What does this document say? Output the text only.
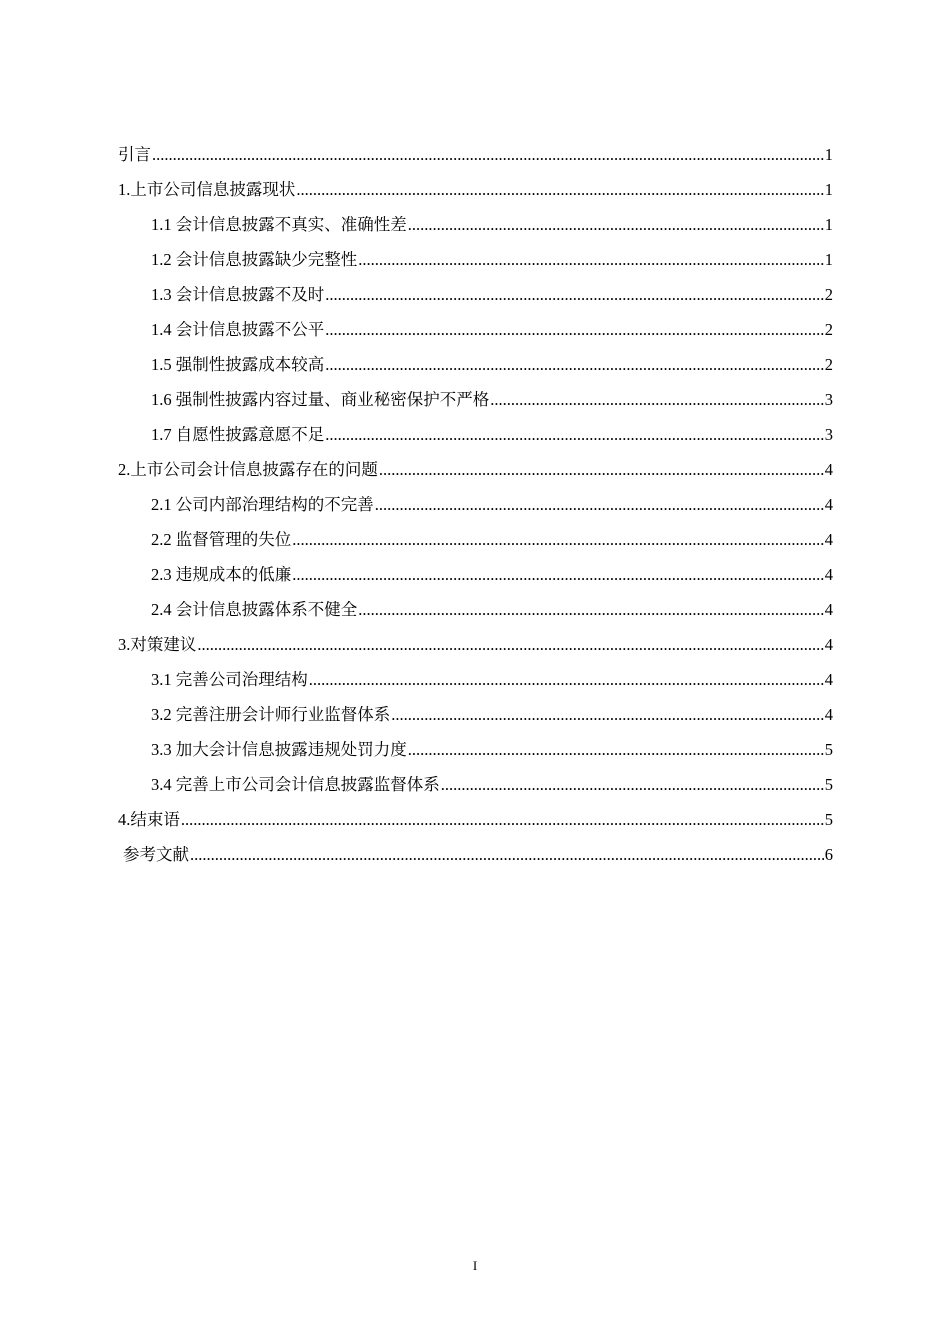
引言 .....	1
1.上市公司信息披露现状 .....	1
1.1 会计信息披露不真实、准确性差 .....	1
1.2 会计信息披露缺少完整性 .....	1
1.3 会计信息披露不及时 .....	2
1.4 会计信息披露不公平 .....	2
1.5 强制性披露成本较高 .....	2
1.6 强制性披露内容过量、商业秘密保护不严格 .....	3
1.7 自愿性披露意愿不足 .....	3
2.上市公司会计信息披露存在的问题 .....	4
2.1 公司内部治理结构的不完善 .....	4
2.2 监督管理的失位 .....	4
2.3 违规成本的低廉 .....	4
2.4 会计信息披露体系不健全 .....	4
3.对策建议 .....	4
3.1 完善公司治理结构 .....	4
3.2 完善注册会计师行业监督体系 .....	4
3.3 加大会计信息披露违规处罚力度 .....	5
3.4 完善上市公司会计信息披露监督体系 .....	5
4.结束语 .....	5
参考文献 .....	6
I
